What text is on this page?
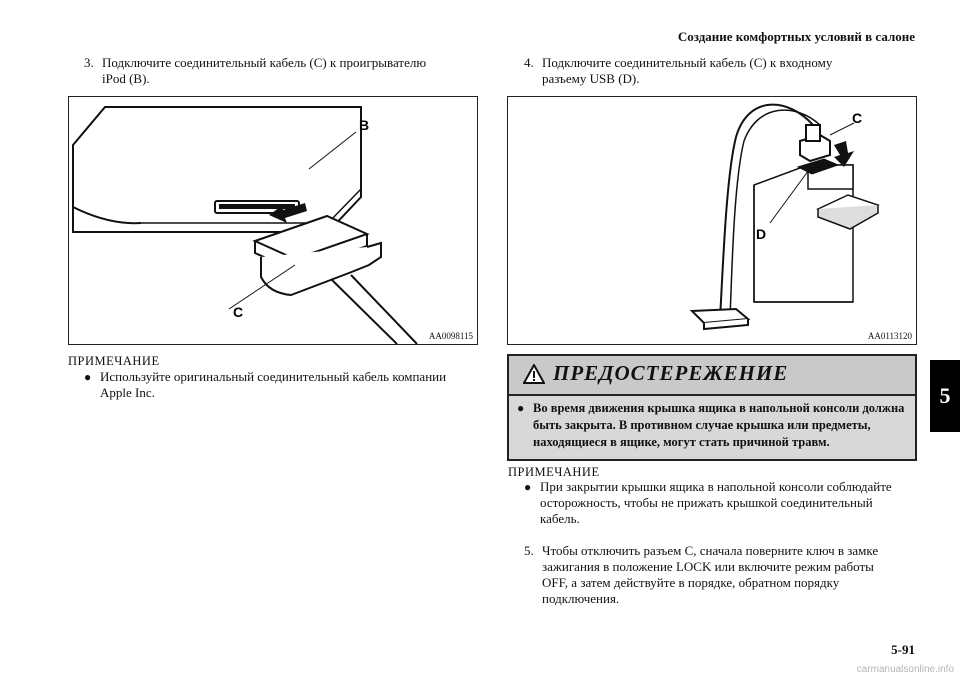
Создание комфортных условий в салоне
3. Подключите соединительный кабель (C) к проигрывателю
iPod (B).
B
C
AA0098115
ПРИМЕЧАНИЕ
● Используйте оригинальный соединительный кабель компании
Apple Inc.
4. Подключите соединительный кабель (C) к входному
разъему USB (D).
C
D
AA0113120
ПРЕДОСТЕРЕЖЕНИЕ
● Во время движения крышка ящика в напольной консоли должна
быть закрыта. В противном случае крышка или предметы,
находящиеся в ящике, могут стать причиной травм.
ПРИМЕЧАНИЕ
● При закрытии крышки ящика в напольной консоли соблюдайте
осторожность, чтобы не прижать крышкой соединительный
кабель.
5. Чтобы отключить разъем C, сначала поверните ключ в замке
зажигания в положение LOCK или включите режим работы
OFF, а затем действуйте в порядке, обратном порядку
подключения.
5
5-91
carmanualsonline.info
